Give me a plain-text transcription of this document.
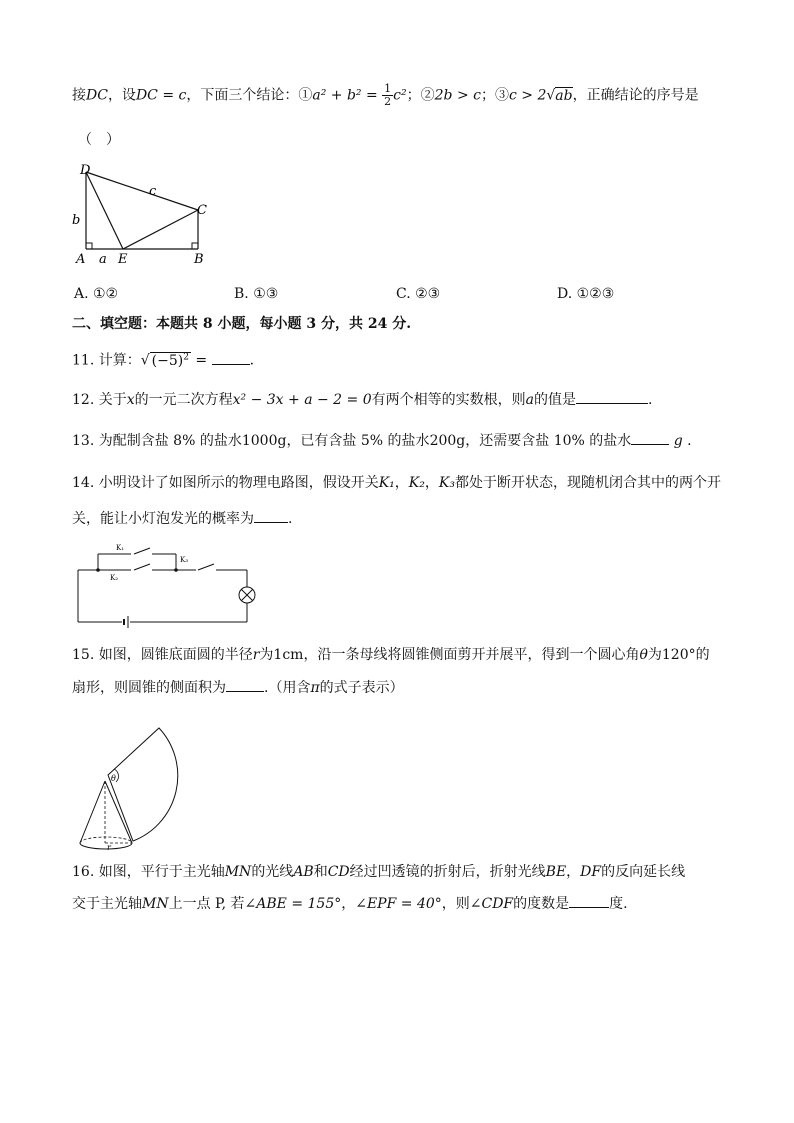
接DC，设DC = c，下面三个结论：①a² + $b^2 = \frac{1}{2} c^2$；②2b > c；③c > 2√ab，正确结论的序号是
（　）
D
C
c
b
A a E	B
A. ①②	B. ①③	C. ②③	D. ①②③
二、填空题：本题共 8 小题，每小题 3 分，共 24 分.
11. 计算：√ $(-5)^2$ =	.
12. 关于x的一元二次方程x² − 3x + a − 2 = 0有两个相等的实数根，则a的值是	.
13. 为配制含盐 8% 的盐水1000g，已有含盐 5% 的盐水200g，还需要含盐 10% 的盐水	g .
14. 小明设计了如图所示的物理电路图，假设开关K₁，K₂，K₃都处于断开状态，现随机闭合其中的两个开
关，能让小灯泡发光的概率为 .
K₁
K₂
K₃
15. 如图，圆锥底面圆的半径r为1cm，沿一条母线将圆锥侧面剪开并展平，得到一个圆心角θ为120°的
扇形，则圆锥的侧面积为	.（用含π的式子表示）
θ
r
16. 如图，平行于主光轴MN的光线AB和CD经过凹透镜的折射后，折射光线BE，DF的反向延长线
交于主光轴MN上一点 P, 若∠ABE = 155°，∠EPF = 40°，则∠CDF的度数是	度.
